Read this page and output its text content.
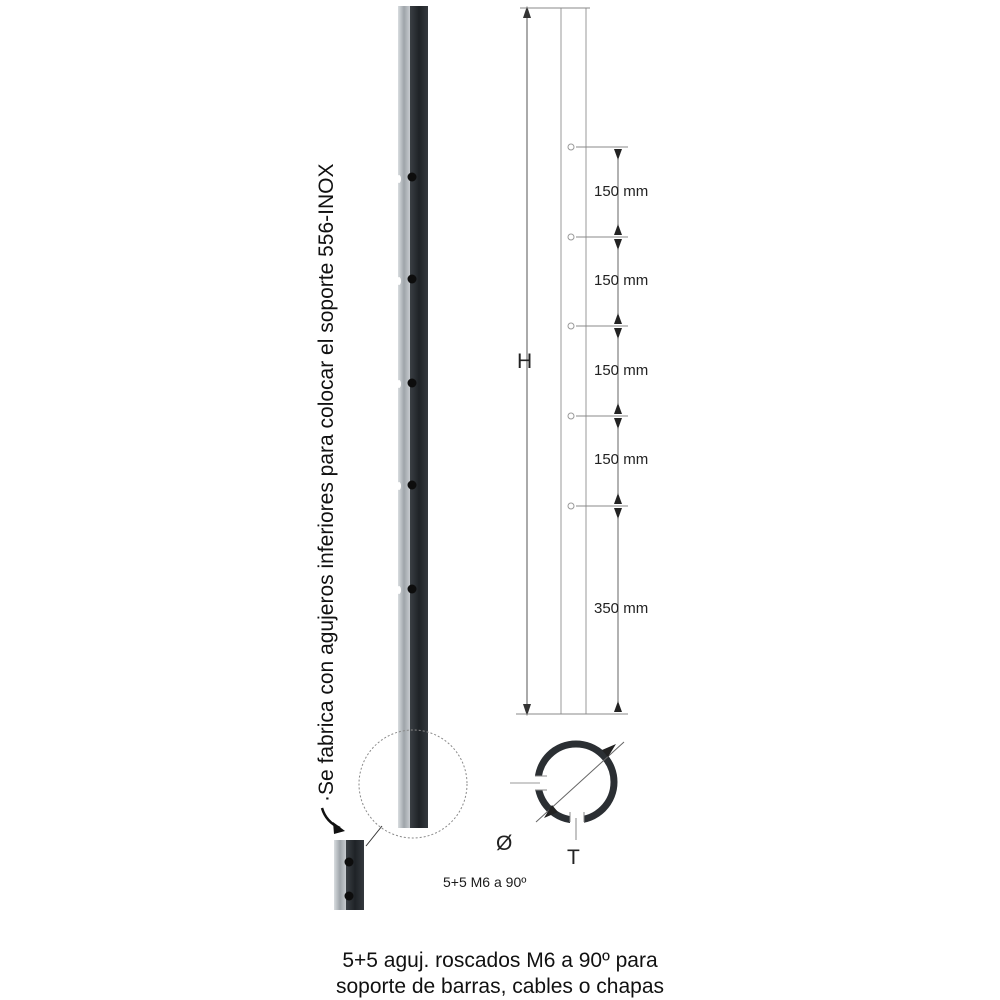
H
150 mm
150 mm
150 mm
150 mm
350 mm
Ø
T
5+5 M6 a 90º
·Se fabrica con agujeros inferiores para colocar el soporte 556-INOX
5+5 aguj. roscados M6 a 90º para
soporte de barras, cables o chapas
